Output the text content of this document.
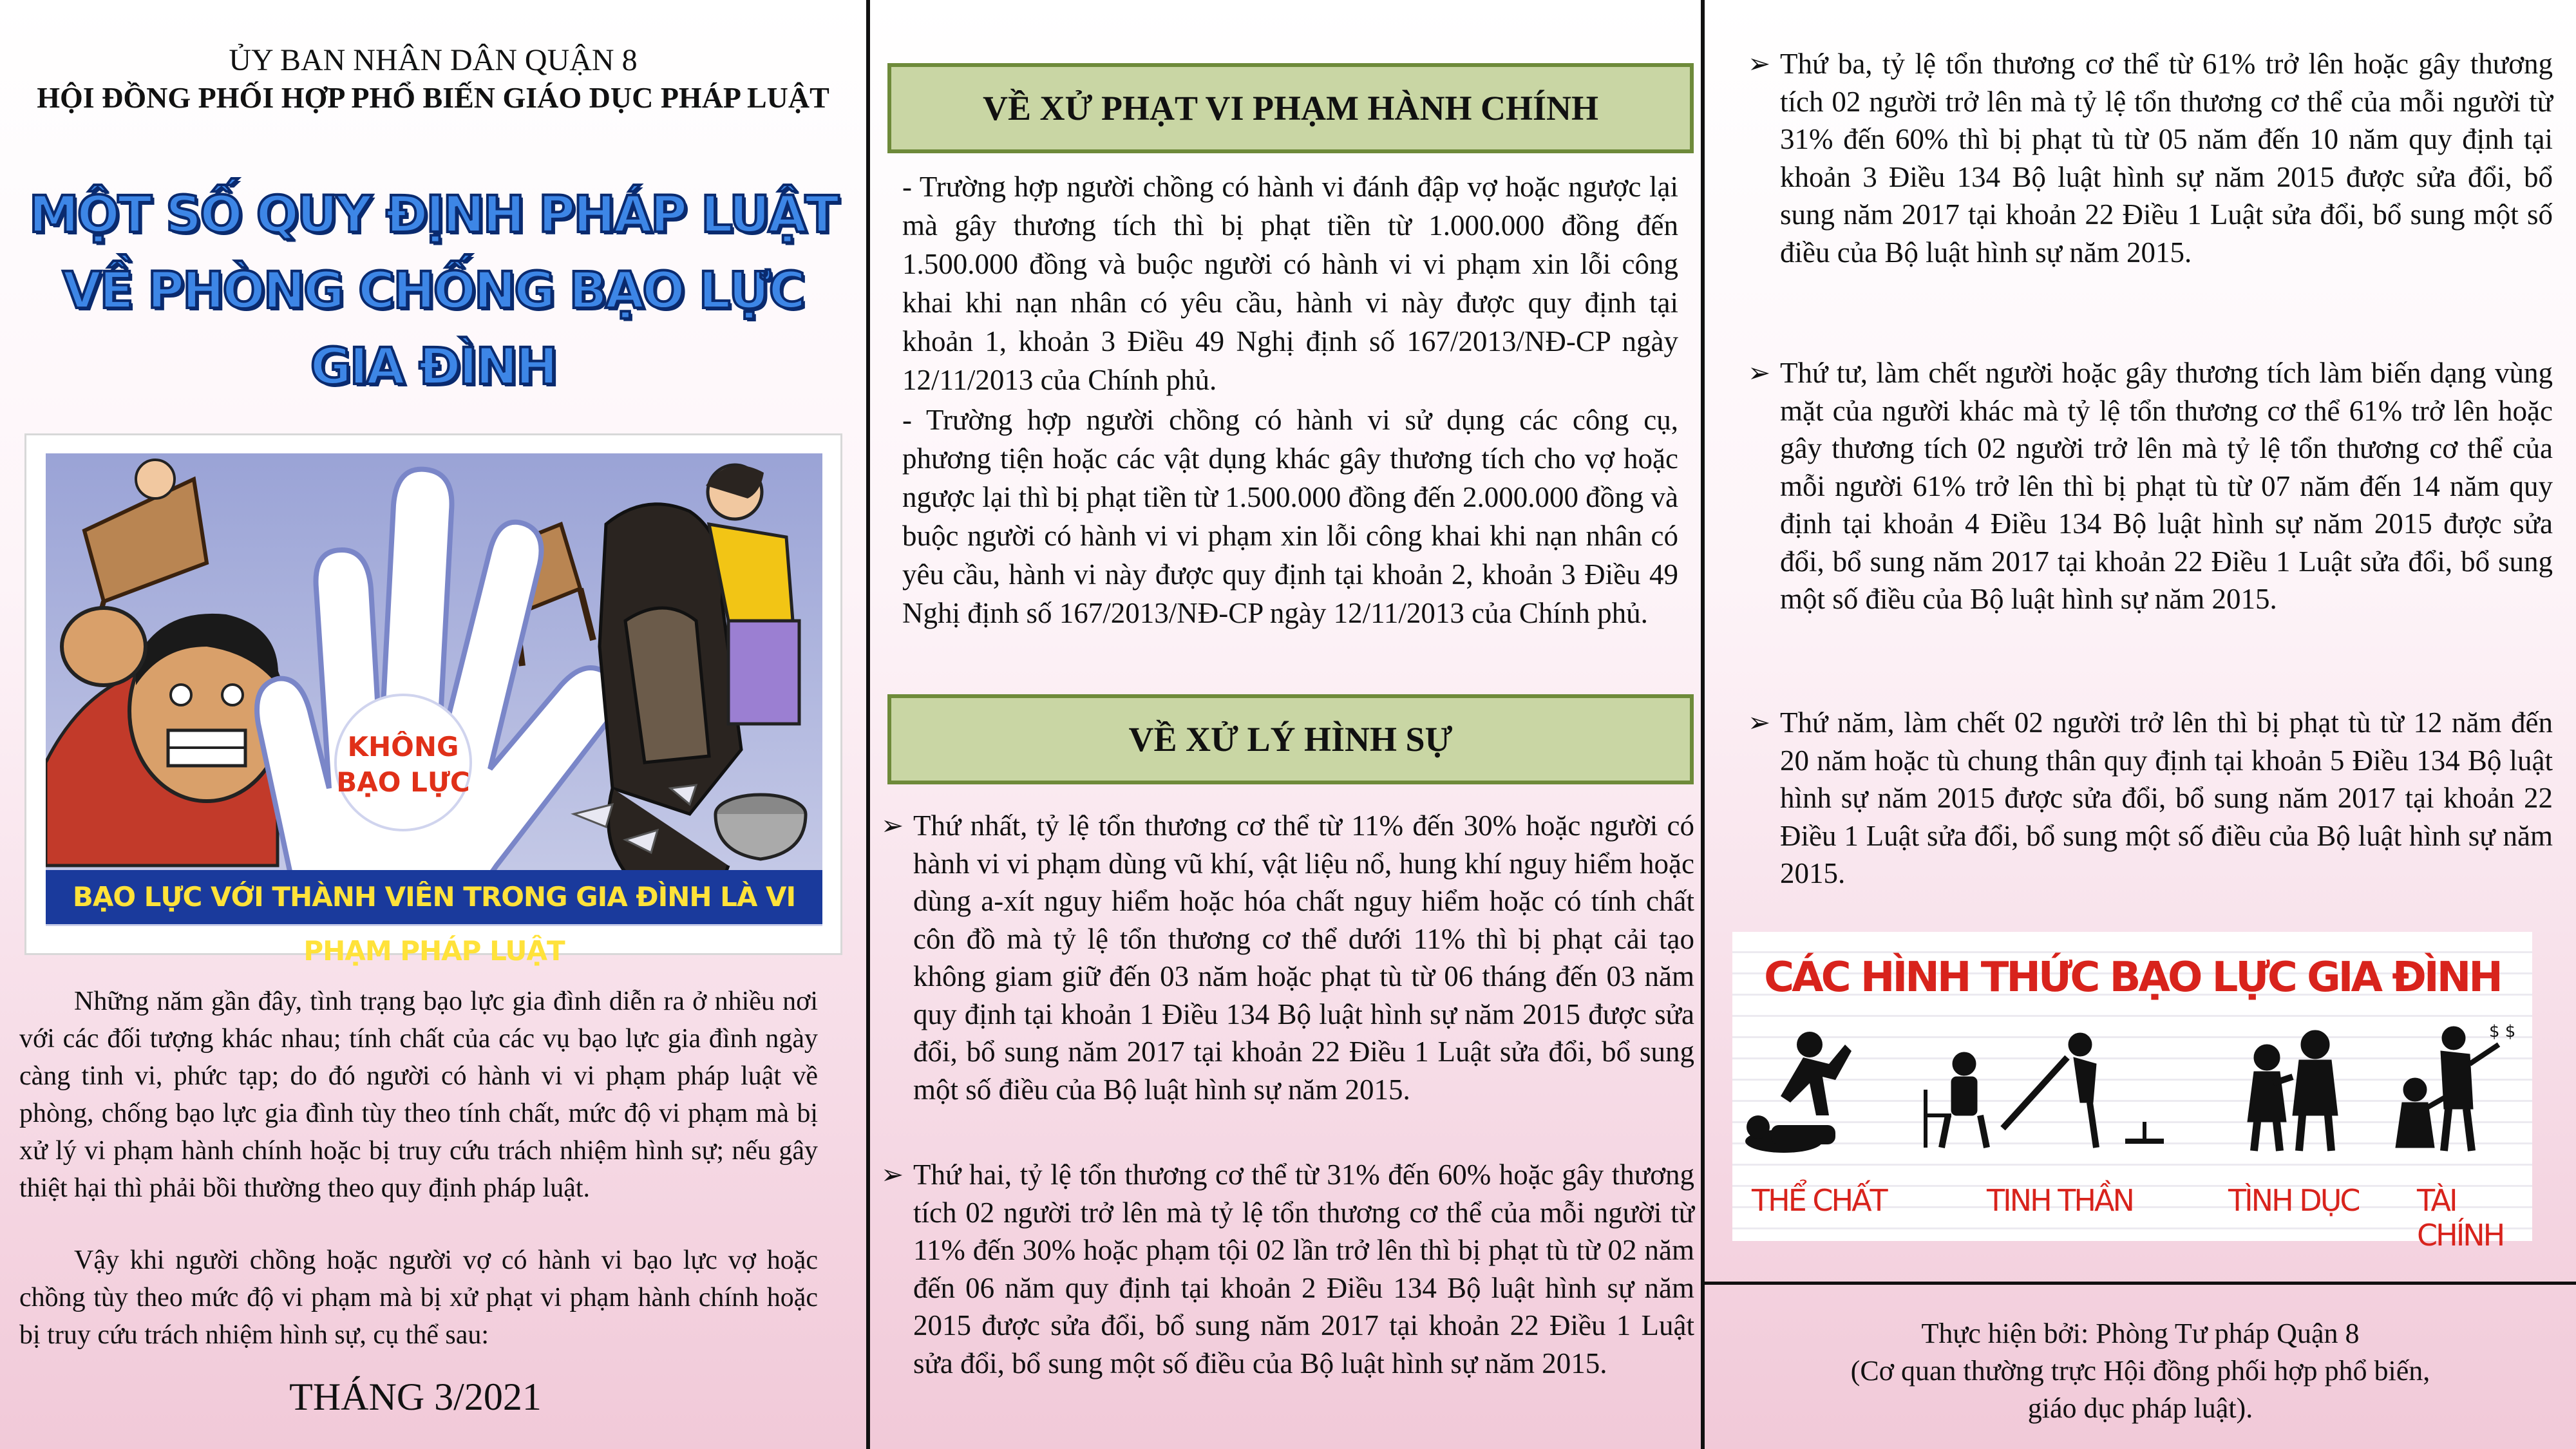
ỦY BAN NHÂN DÂN QUẬN 8
HỘI ĐỒNG PHỐI HỢP PHỔ BIẾN GIÁO DỤC PHÁP LUẬT
MỘT SỐ QUY ĐỊNH PHÁP LUẬT
VỀ PHÒNG CHỐNG BẠO LỰC
GIA ĐÌNH
KHÔNG
BẠO LỰC
BẠO LỰC VỚI THÀNH VIÊN TRONG GIA ĐÌNH LÀ VI PHẠM PHÁP LUẬT
Những năm gần đây, tình trạng bạo lực gia đình diễn ra ở nhiều nơi với các đối tượng khác nhau; tính chất của các vụ bạo lực gia đình ngày càng tinh vi, phức tạp; do đó người có hành vi vi phạm pháp luật về phòng, chống bạo lực gia đình tùy theo tính chất, mức độ vi phạm mà bị xử lý vi phạm hành chính hoặc bị truy cứu trách nhiệm hình sự; nếu gây thiệt hại thì phải bồi thường theo quy định pháp luật.
Vậy khi người chồng hoặc người vợ có hành vi bạo lực vợ hoặc chồng tùy theo mức độ vi phạm mà bị xử phạt vi phạm hành chính hoặc bị truy cứu trách nhiệm hình sự, cụ thể sau:
THÁNG 3/2021
VỀ XỬ PHẠT VI PHẠM HÀNH CHÍNH
- Trường hợp người chồng có hành vi đánh đập vợ hoặc ngược lại mà gây thương tích thì bị phạt tiền từ 1.000.000 đồng đến 1.500.000 đồng và buộc người có hành vi vi phạm xin lỗi công khai khi nạn nhân có yêu cầu, hành vi này được quy định tại khoản 1, khoản 3 Điều 49 Nghị định số 167/2013/NĐ-CP ngày 12/11/2013 của Chính phủ.
- Trường hợp người chồng có hành vi sử dụng các công cụ, phương tiện hoặc các vật dụng khác gây thương tích cho vợ hoặc ngược lại thì bị phạt tiền từ 1.500.000 đồng đến 2.000.000 đồng và buộc người có hành vi vi phạm xin lỗi công khai khi nạn nhân có yêu cầu, hành vi này được quy định tại khoản 2, khoản 3 Điều 49 Nghị định số 167/2013/NĐ-CP ngày 12/11/2013 của Chính phủ.
VỀ XỬ LÝ HÌNH SỰ
➢ Thứ nhất, tỷ lệ tổn thương cơ thể từ 11% đến 30% hoặc người có hành vi vi phạm dùng vũ khí, vật liệu nổ, hung khí nguy hiểm hoặc dùng a-xít nguy hiểm hoặc hóa chất nguy hiểm hoặc có tính chất côn đồ mà tỷ lệ tổn thương cơ thể dưới 11% thì bị phạt cải tạo không giam giữ đến 03 năm hoặc phạt tù từ 06 tháng đến 03 năm quy định tại khoản 1 Điều 134 Bộ luật hình sự năm 2015 được sửa đổi, bổ sung năm 2017 tại khoản 22 Điều 1 Luật sửa đổi, bổ sung một số điều của Bộ luật hình sự năm 2015.
➢ Thứ hai, tỷ lệ tổn thương cơ thể từ 31% đến 60% hoặc gây thương tích 02 người trở lên mà tỷ lệ tổn thương cơ thể của mỗi người từ 11% đến 30% hoặc phạm tội 02 lần trở lên thì bị phạt tù từ 02 năm đến 06 năm quy định tại khoản 2 Điều 134 Bộ luật hình sự năm 2015 được sửa đổi, bổ sung năm 2017 tại khoản 22 Điều 1 Luật sửa đổi, bổ sung một số điều của Bộ luật hình sự năm 2015.
➢ Thứ ba, tỷ lệ tổn thương cơ thể từ 61% trở lên hoặc gây thương tích 02 người trở lên mà tỷ lệ tổn thương cơ thể của mỗi người từ 31% đến 60% thì bị phạt tù từ 05 năm đến 10 năm quy định tại khoản 3 Điều 134 Bộ luật hình sự năm 2015 được sửa đổi, bổ sung năm 2017 tại khoản 22 Điều 1 Luật sửa đổi, bổ sung một số điều của Bộ luật hình sự năm 2015.
➢ Thứ tư, làm chết người hoặc gây thương tích làm biến dạng vùng mặt của người khác mà tỷ lệ tổn thương cơ thể 61% trở lên hoặc gây thương tích 02 người trở lên mà tỷ lệ tổn thương cơ thể của mỗi người 61% trở lên thì bị phạt tù từ 07 năm đến 14 năm quy định tại khoản 4 Điều 134 Bộ luật hình sự năm 2015 được sửa đổi, bổ sung năm 2017 tại khoản 22 Điều 1 Luật sửa đổi, bổ sung một số điều của Bộ luật hình sự năm 2015.
➢ Thứ năm, làm chết 02 người trở lên thì bị phạt tù từ 12 năm đến 20 năm hoặc tù chung thân quy định tại khoản 5 Điều 134 Bộ luật hình sự năm 2015 được sửa đổi, bổ sung năm 2017 tại khoản 22 Điều 1 Luật sửa đổi, bổ sung một số điều của Bộ luật hình sự năm 2015.
CÁC HÌNH THỨC BẠO LỰC GIA ĐÌNH
$ $
THỂ CHẤT	TINH THẦN	TÌNH DỤC TÀI CHÍNH
Thực hiện bởi: Phòng Tư pháp Quận 8
(Cơ quan thường trực Hội đồng phối hợp phổ biến,
giáo dục pháp luật).
